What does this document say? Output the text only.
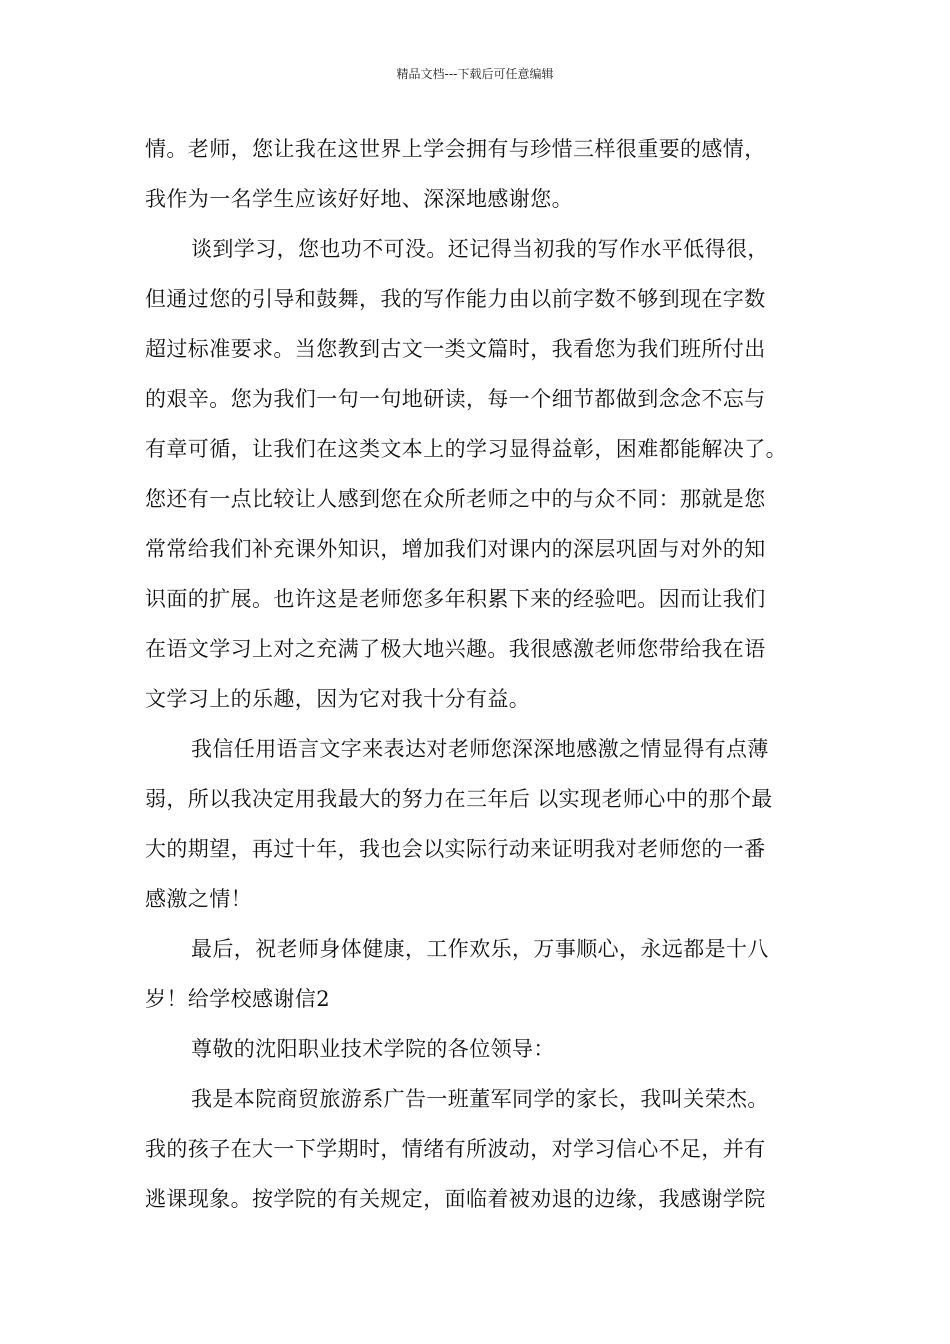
精品文档---下载后可任意编辑
情。老师，您让我在这世界上学会拥有与珍惜三样很重要的感情，
我作为一名学生应该好好地、深深地感谢您。
谈到学习，您也功不可没。还记得当初我的写作水平低得很，
但通过您的引导和鼓舞，我的写作能力由以前字数不够到现在字数
超过标准要求。当您教到古文一类文篇时，我看您为我们班所付出
的艰辛。您为我们一句一句地研读，每一个细节都做到念念不忘与
有章可循，让我们在这类文本上的学习显得益彰，困难都能解决了。
您还有一点比较让人感到您在众所老师之中的与众不同：那就是您
常常给我们补充课外知识，增加我们对课内的深层巩固与对外的知
识面的扩展。也许这是老师您多年积累下来的经验吧。因而让我们
在语文学习上对之充满了极大地兴趣。我很感激老师您带给我在语
文学习上的乐趣，因为它对我十分有益。
我信任用语言文字来表达对老师您深深地感激之情显得有点薄
弱，所以我决定用我最大的努力在三年后 以实现老师心中的那个最
大的期望，再过十年，我也会以实际行动来证明我对老师您的一番
感激之情！
最后，祝老师身体健康，工作欢乐，万事顺心，永远都是十八
岁！给学校感谢信2
尊敬的沈阳职业技术学院的各位领导：
我是本院商贸旅游系广告一班董军同学的家长，我叫关荣杰。
我的孩子在大一下学期时，情绪有所波动，对学习信心不足，并有
逃课现象。按学院的有关规定，面临着被劝退的边缘，我感谢学院
